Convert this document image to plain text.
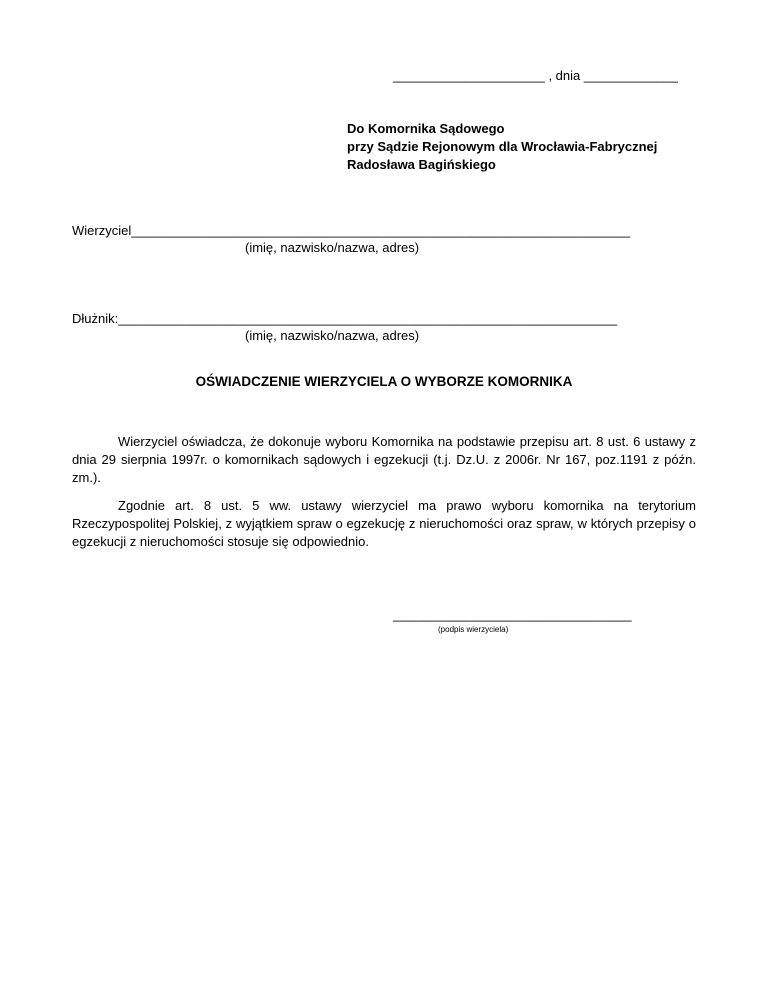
_____________________ , dnia _____________
Do Komornika Sądowego
przy Sądzie Rejonowym dla Wrocławia-Fabrycznej
Radosława Bagińskiego
Wierzyciel_____________________________________________________________________
(imię, nazwisko/nazwa, adres)
Dłużnik:_____________________________________________________________________
(imię, nazwisko/nazwa, adres)
OŚWIADCZENIE WIERZYCIELA O WYBORZE KOMORNIKA
Wierzyciel oświadcza, że dokonuje wyboru Komornika na podstawie przepisu art. 8 ust. 6 ustawy z dnia 29 sierpnia 1997r. o komornikach sądowych i egzekucji (t.j. Dz.U. z 2006r. Nr 167, poz.1191 z późn. zm.).
Zgodnie art. 8 ust. 5 ww. ustawy wierzyciel ma prawo wyboru komornika na terytorium Rzeczypospolitej Polskiej, z wyjątkiem spraw o egzekucję z nieruchomości oraz spraw, w których przepisy o egzekucji z nieruchomości stosuje się odpowiednio.
_________________________________
(podpis wierzyciela)
